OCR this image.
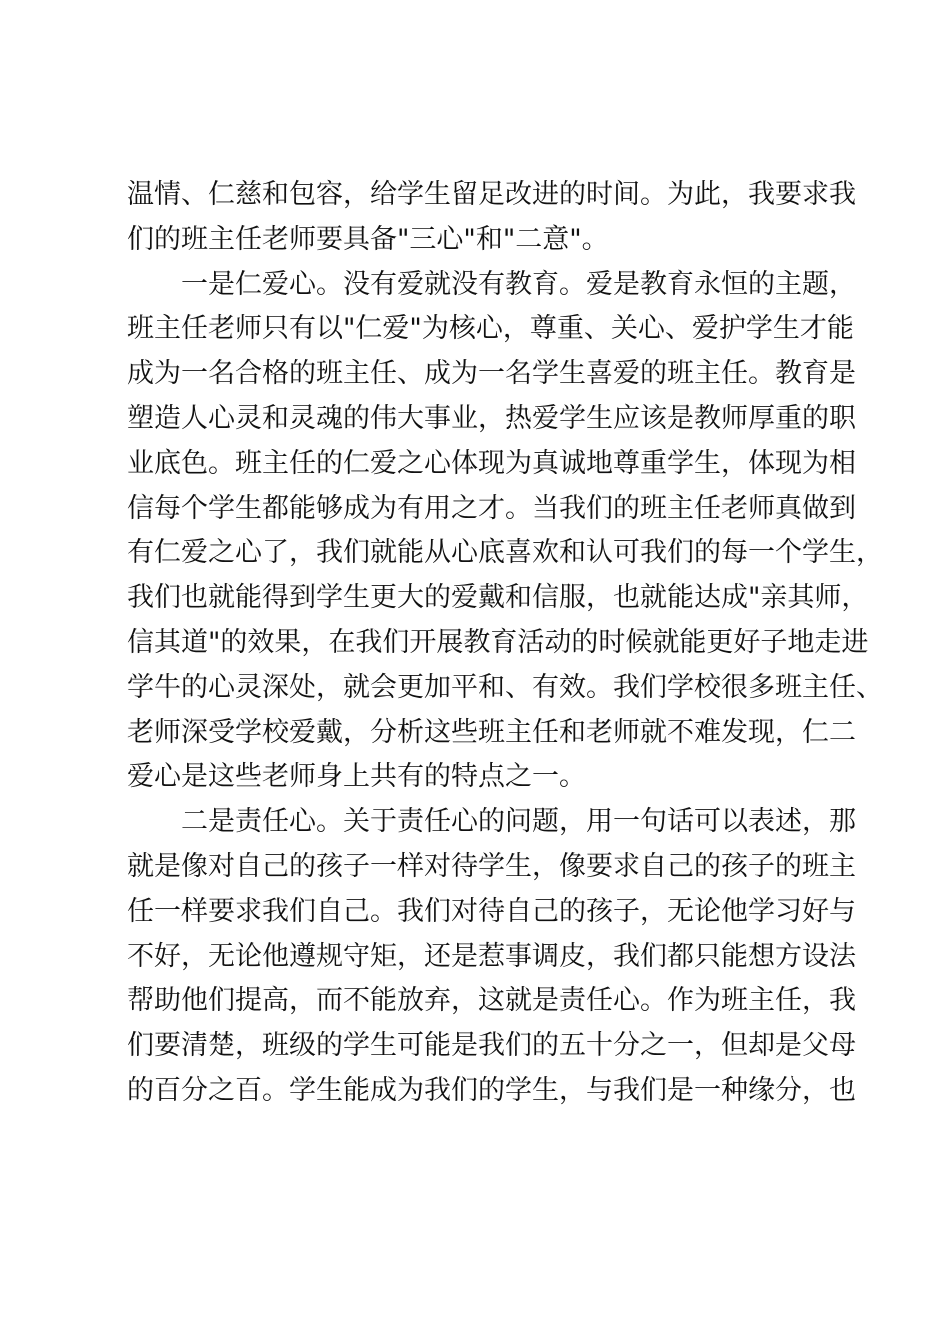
温情、仁慈和包容，给学生留足改进的时间。为此，我要求我
们的班主任老师要具备"三心"和"二意"。
　　一是仁爱心。没有爱就没有教育。爱是教育永恒的主题，
班主任老师只有以"仁爱"为核心，尊重、关心、爱护学生才能
成为一名合格的班主任、成为一名学生喜爱的班主任。教育是
塑造人心灵和灵魂的伟大事业，热爱学生应该是教师厚重的职
业底色。班主任的仁爱之心体现为真诚地尊重学生，体现为相
信每个学生都能够成为有用之才。当我们的班主任老师真做到
有仁爱之心了，我们就能从心底喜欢和认可我们的每一个学生，
我们也就能得到学生更大的爱戴和信服，也就能达成"亲其师，
信其道"的效果，在我们开展教育活动的时候就能更好子地走进
学牛的心灵深处，就会更加平和、有效。我们学校很多班主任、
老师深受学校爱戴，分析这些班主任和老师就不难发现，仁二
爱心是这些老师身上共有的特点之一。
　　二是责任心。关于责任心的问题，用一句话可以表述，那
就是像对自己的孩子一样对待学生，像要求自己的孩子的班主
任一样要求我们自己。我们对待自己的孩子，无论他学习好与
不好，无论他遵规守矩，还是惹事调皮，我们都只能想方设法
帮助他们提高，而不能放弃，这就是责任心。作为班主任，我
们要清楚，班级的学生可能是我们的五十分之一，但却是父母
的百分之百。学生能成为我们的学生，与我们是一种缘分，也
